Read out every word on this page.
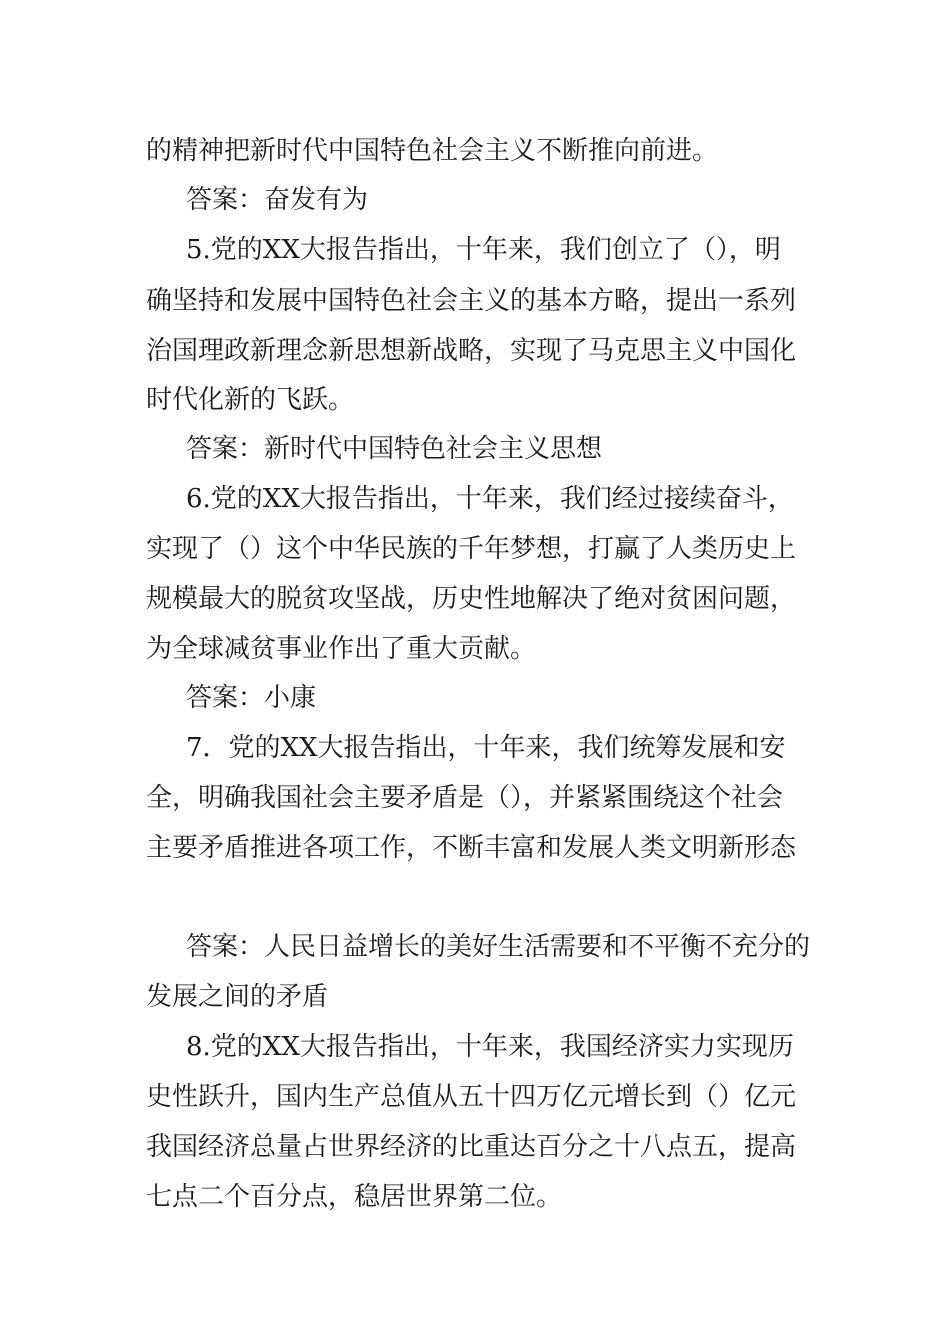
的精神把新时代中国特色社会主义不断推向前进。

答案：奋发有为

5.党的XX大报告指出，十年来，我们创立了（），明

确坚持和发展中国特色社会主义的基本方略，提出一系列

治国理政新理念新思想新战略，实现了马克思主义中国化

时代化新的飞跃。

答案：新时代中国特色社会主义思想

6.党的XX大报告指出，十年来，我们经过接续奋斗，

实现了（）这个中华民族的千年梦想，打赢了人类历史上

规模最大的脱贫攻坚战，历史性地解决了绝对贫困问题，

为全球减贫事业作出了重大贡献。

答案：小康

7．党的XX大报告指出，十年来，我们统筹发展和安

全，明确我国社会主要矛盾是（），并紧紧围绕这个社会

主要矛盾推进各项工作，不断丰富和发展人类文明新形态

答案：人民日益增长的美好生活需要和不平衡不充分的

发展之间的矛盾

8.党的XX大报告指出，十年来，我国经济实力实现历

史性跃升，国内生产总值从五十四万亿元增长到（）亿元

我国经济总量占世界经济的比重达百分之十八点五，提高

七点二个百分点，稳居世界第二位。
